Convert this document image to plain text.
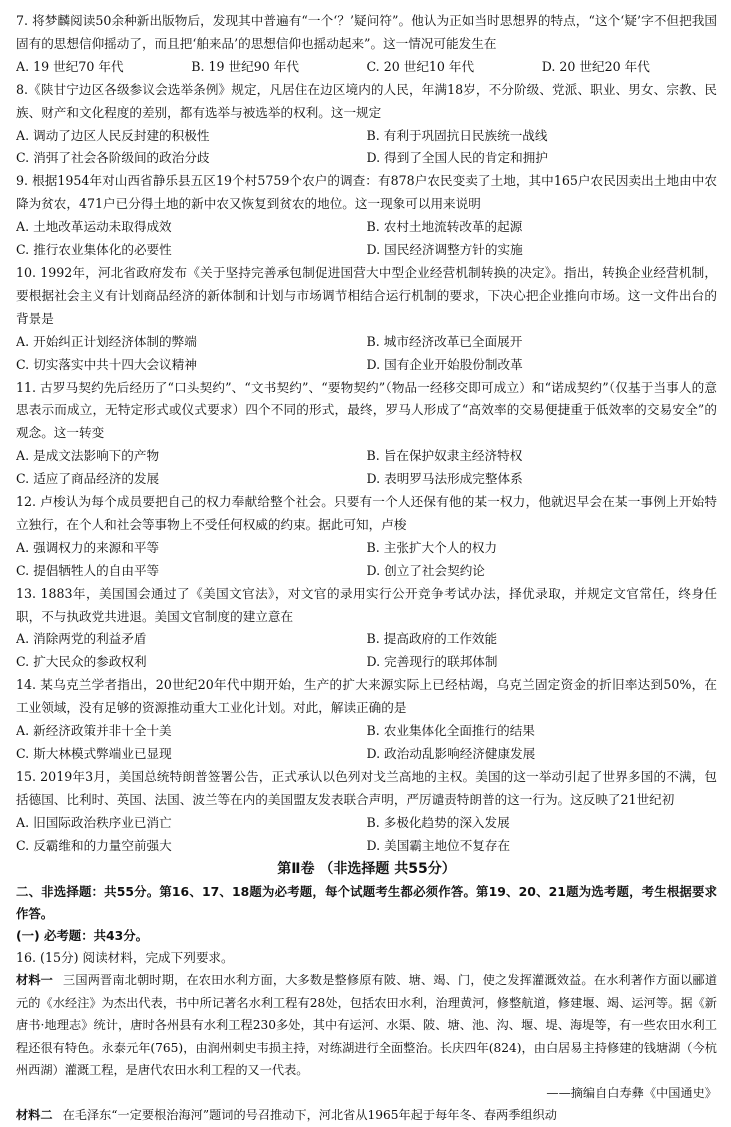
7. 将梦麟阅读50余种新出版物后，发现其中普遍有“一个‘？’疑问符”。他认为正如当时思想界的特点，“这个‘疑’字不但把我国固有的思想信仰摇动了，而且把‘舶来品’的思想信仰也摇动起来”。这一情况可能发生在

A. 19 世纪70 年代	B. 19 世纪90 年代	C. 20 世纪10 年代	D. 20 世纪20 年代

8.《陕甘宁边区各级参议会选举条例》规定，凡居住在边区境内的人民，年满18岁，不分阶级、党派、职业、男女、宗教、民族、财产和文化程度的差别，都有选举与被选举的权利。这一规定

A. 调动了边区人民反封建的积极性	B. 有利于巩固抗日民族统一战线
C. 消弭了社会各阶级间的政治分歧	D. 得到了全国人民的肯定和拥护

9. 根据1954年对山西省静乐县五区19个村5759个农户的调查：有878户农民变卖了土地，其中165户农民因卖出土地由中农降为贫农，471户已分得土地的新中农又恢复到贫农的地位。这一现象可以用来说明

A. 土地改革运动未取得成效	B. 农村土地流转改革的起源
C. 推行农业集体化的必要性	D. 国民经济调整方针的实施

10. 1992年，河北省政府发布《关于坚持完善承包制促进国营大中型企业经营机制转换的决定》。指出，转换企业经营机制，要根据社会主义有计划商品经济的新体制和计划与市场调节相结合运行机制的要求，下决心把企业推向市场。这一文件出台的背景是

A. 开始纠正计划经济体制的弊端	B. 城市经济改革已全面展开
C. 切实落实中共十四大会议精神	D. 国有企业开始股份制改革

11. 古罗马契约先后经历了“口头契约”、“文书契约”、“要物契约”（物品一经移交即可成立）和“诺成契约”（仅基于当事人的意思表示而成立，无特定形式或仪式要求）四个不同的形式，最终，罗马人形成了“高效率的交易便捷重于低效率的交易安全”的观念。这一转变

A. 是成文法影响下的产物	B. 旨在保护奴隶主经济特权
C. 适应了商品经济的发展	D. 表明罗马法形成完整体系

12. 卢梭认为每个成员要把自己的权力奉献给整个社会。只要有一个人还保有他的某一权力，他就迟早会在某一事例上开始特立独行，在个人和社会等事物上不受任何权威的约束。据此可知，卢梭

A. 强调权力的来源和平等	B. 主张扩大个人的权力
C. 提倡牺牲人的自由平等	D. 创立了社会契约论

13. 1883年，美国国会通过了《美国文官法》，对文官的录用实行公开竞争考试办法，择优录取，并规定文官常任，终身任职，不与执政党共进退。美国文官制度的建立意在

A. 消除两党的利益矛盾	B. 提高政府的工作效能
C. 扩大民众的参政权利	D. 完善现行的联邦体制

14. 某乌克兰学者指出，20世纪20年代中期开始，生产的扩大来源实际上已经枯竭，乌克兰固定资金的折旧率达到50%，在工业领域，没有足够的资源推动重大工业化计划。对此，解读正确的是

A. 新经济政策并非十全十美	B. 农业集体化全面推行的结果
C. 斯大林模式弊端业已显现	D. 政治动乱影响经济健康发展

15. 2019年3月，美国总统特朗普签署公告，正式承认以色列对戈兰高地的主权。美国的这一举动引起了世界多国的不满，包括德国、比利时、英国、法国、波兰等在内的美国盟友发表联合声明，严厉谴责特朗普的这一行为。这反映了21世纪初

A. 旧国际政治秩序业已消亡	B. 多极化趋势的深入发展
C. 反霸维和的力量空前强大	D. 美国霸主地位不复存在

第Ⅱ卷 （非选择题 共55分）

二、非选择题：共55分。第16、17、18题为必考题，每个试题考生都必须作答。第19、20、21题为选考题，考生根据要求作答。

(一) 必考题：共43分。

16. (15分) 阅读材料，完成下列要求。

材料一 三国两晋南北朝时期，在农田水利方面，大多数是整修原有陂、塘、竭、门，使之发挥灌溉效益。在水利著作方面以郦道元的《水经注》为杰出代表，书中所记著名水利工程有28处，包括农田水利，治理黄河，修整航道，修建堰、竭、运河等。据《新唐书·地理志》统计，唐时各州县有水利工程230多处，其中有运河、水渠、陂、塘、池、沟、堰、堤、海堤等，有一些农田水利工程还很有特色。永泰元年(765)，由润州刺史韦损主持，对练湖进行全面整治。长庆四年(824)，由白居易主持修建的钱塘湖（今杭州西湖）灌溉工程，是唐代农田水利工程的又一代表。

——摘编自白寿彝《中国通史》

材料二 在毛泽东“一定要根治海河”题词的号召推动下，河北省从1965年起于每年冬、春两季组织动
